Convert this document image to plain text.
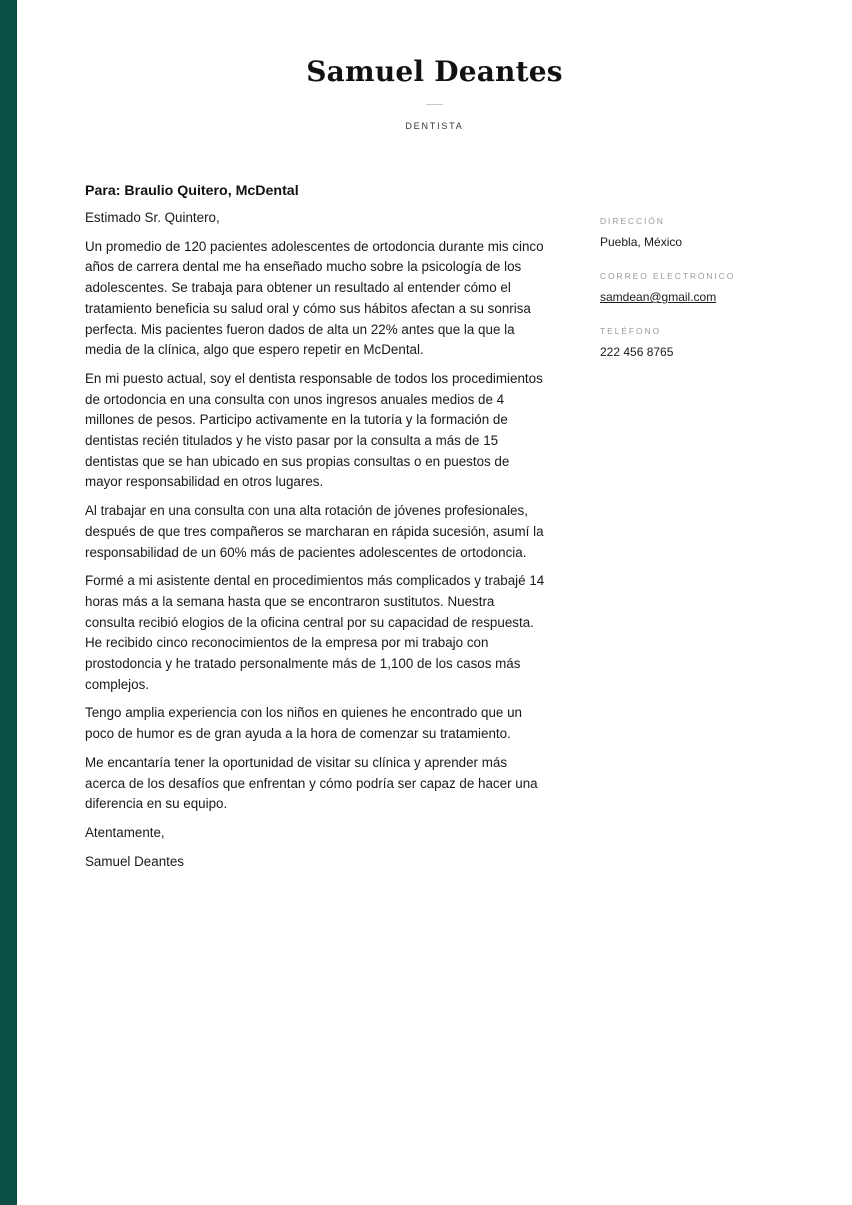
Samuel Deantes
DENTISTA

Para: Braulio Quitero, McDental

Estimado Sr. Quintero,

Un promedio de 120 pacientes adolescentes de ortodoncia durante mis cinco años de carrera dental me ha enseñado mucho sobre la psicología de los adolescentes. Se trabaja para obtener un resultado al entender cómo el tratamiento beneficia su salud oral y cómo sus hábitos afectan a su sonrisa perfecta. Mis pacientes fueron dados de alta un 22% antes que la que la media de la clínica, algo que espero repetir en McDental.

En mi puesto actual, soy el dentista responsable de todos los procedimientos de ortodoncia en una consulta con unos ingresos anuales medios de 4 millones de pesos. Participo activamente en la tutoría y la formación de dentistas recién titulados y he visto pasar por la consulta a más de 15 dentistas que se han ubicado en sus propias consultas o en puestos de mayor responsabilidad en otros lugares.

Al trabajar en una consulta con una alta rotación de jóvenes profesionales, después de que tres compañeros se marcharan en rápida sucesión, asumí la responsabilidad de un 60% más de pacientes adolescentes de ortodoncia.

Formé a mi asistente dental en procedimientos más complicados y trabajé 14 horas más a la semana hasta que se encontraron sustitutos. Nuestra consulta recibió elogios de la oficina central por su capacidad de respuesta. He recibido cinco reconocimientos de la empresa por mi trabajo con prostodoncia y he tratado personalmente más de 1,100 de los casos más complejos.

Tengo amplia experiencia con los niños en quienes he encontrado que un poco de humor es de gran ayuda a la hora de comenzar su tratamiento.

Me encantaría tener la oportunidad de visitar su clínica y aprender más acerca de los desafíos que enfrentan y cómo podría ser capaz de hacer una diferencia en su equipo.

Atentamente,

Samuel Deantes

DIRECCIÓN

Puebla, México

CORREO ELECTRÓNICO

samdean@gmail.com

TELÉFONO

222 456 8765
